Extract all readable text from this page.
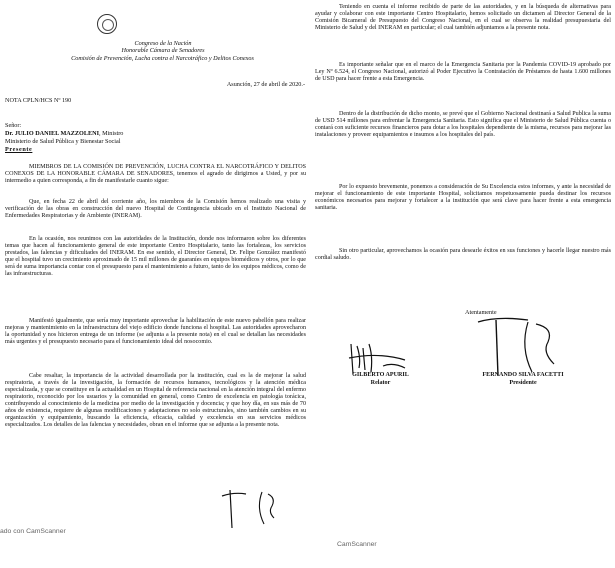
Congreso de la Nación
Honorable Cámara de Senadores
Comisión de Prevención, Lucha contra el Narcotráfico y Delitos Conexos
Asunción, 27 de abril de 2020.-
NOTA CPLN/HCS Nº 190
Señor:
Dr. JULIO DANIEL MAZZOLENI, Ministro
Ministerio de Salud Pública y Bienestar Social
Presente

MIEMBROS DE LA COMISIÓN DE PREVENCIÓN, LUCHA CONTRA EL NARCOTRÁFICO Y DELITOS CONEXOS DE LA HONORABLE CÁMARA DE SENADORES, tenemos el agrado de dirigirnos a Usted, y por su intermedio a quien corresponda, a fin de manifestarle cuanto sigue:

Que, en fecha 22 de abril del corriente año, los miembros de la Comisión hemos realizado una visita y verificación de las obras en construcción del nuevo Hospital de Contingencia ubicado en el Instituto Nacional de Enfermedades Respiratorias y de Ambiente (INERAM).

En la ocasión, nos reunimos con las autoridades de la Institución, donde nos informaron sobre los diferentes temas que hacen al funcionamiento general de este importante Centro Hospitalario, tanto las fortalezas, los servicios prestados, las falencias y dificultades del INERAM. En ese sentido, el Director General, Dr. Felipe González manifestó que el hospital tuvo un crecimiento aproximado de 15 mil millones de guaraníes en equipos biomédicos y otros, por lo que será de suma importancia contar con el presupuesto para el mantenimiento a futuro, tanto de los equipos médicos, como de las infraestructuras.

Manifestó igualmente, que sería muy importante aprovechar la habilitación de este nuevo pabellón para realizar mejoras y mantenimiento en la infraestructura del viejo edificio donde funciona el hospital. Las autoridades aprovecharon la oportunidad y nos hicieron entrega de un informe (se adjunta a la presente nota) en el cual se detallan las necesidades más urgentes y el presupuesto necesario para el funcionamiento ideal del nosocomio.

Cabe resaltar, la importancia de la actividad desarrollada por la institución, cual es la de mejorar la salud respiratoria, a través de la investigación, la formación de recursos humanos, tecnológicos y la atención médica especializada, y que se constituye en la actualidad en un Hospital de referencia nacional en la atención integral del enfermo respiratorio, reconocido por los usuarios y la comunidad en general, como Centro de excelencia en patología torácica, contribuyendo al conocimiento de la medicina por medio de la investigación y docencia; y que hoy día, en sus más de 70 años de existencia, requiere de algunas modificaciones y adaptaciones no solo estructurales, sino también cambios en su organización y equipamiento, buscando la eficiencia, eficacia, calidad y excelencia en sus servicios médicos especializados. Los detalles de las falencias y necesidades, obran en el informe que se adjunta a la presente nota.

ado con CamScanner

Teniendo en cuenta el informe recibido de parte de las autoridades, y en la búsqueda de alternativas para ayudar y colaborar con este importante Centro Hospitalario, hemos solicitado un dictamen al Director General de la Comisión Bicameral de Presupuesto del Congreso Nacional, en el cual se observa la realidad presupuestaria del Ministerio de Salud y del INERAM en particular; el cual también adjuntamos a la presente nota.

Es importante señalar que en el marco de la Emergencia Sanitaria por la Pandemia COVID-19 aprobado por Ley Nº 6.524, el Congreso Nacional, autorizó al Poder Ejecutivo la Contratación de Préstamos de hasta 1.600 millones de USD para hacer frente a esta Emergencia.

Dentro de la distribución de dicho monto, se prevé que el Gobierno Nacional destinará a Salud Publica la suma de USD 514 millones para enfrentar la Emergencia Sanitaria. Esto significa que el Ministerio de Salud Pública cuenta o contará con suficiente recursos financieros para dotar a los hospitales dependiente de la misma, recursos para mejorar las instalaciones y proveer equipamientos e insumos a los hospitales del país.

Por lo expuesto brevemente, ponemos a consideración de Su Excelencia estos informes, y ante la necesidad de mejorar el funcionamiento de este importante Hospital, solicitamos respetuosamente pueda destinar los recursos económicos necesarios para mejorar y fortalecer a la institución que será clave para hacer frente a esta emergencia sanitaria.

Sin otro particular, aprovechamos la ocasión para desearle éxitos en sus funciones y hacerle llegar nuestro más cordial saludo.

Atentamente
GILBERTO APURIL
Relator
FERNANDO SILVA FACETTI
Presidente
CamScanner
